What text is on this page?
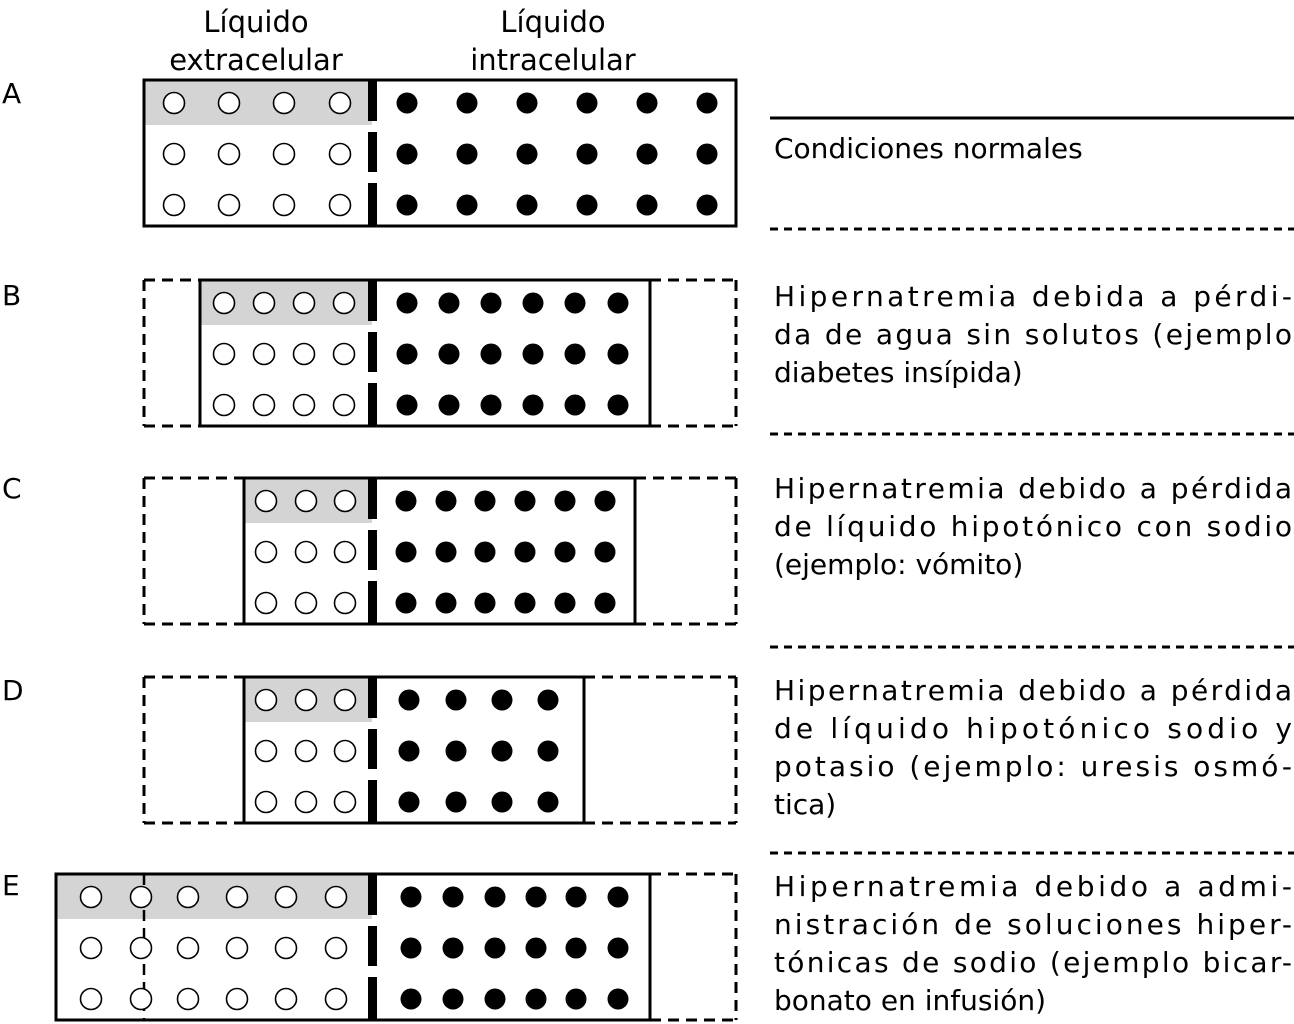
Líquido
extracelular
Líquido
intracelular
A
B
C
D
E
Condiciones normales
Hipernatremia debida a pérdi-
da de agua sin solutos (ejemplo
diabetes insípida)
Hipernatremia debido a pérdida
de líquido hipotónico con sodio
(ejemplo: vómito)
Hipernatremia debido a pérdida
de líquido hipotónico sodio y
potasio (ejemplo: uresis osmó-
tica)
Hipernatremia debido a admi-
nistración de soluciones hiper-
tónicas de sodio (ejemplo bicar-
bonato en infusión)
